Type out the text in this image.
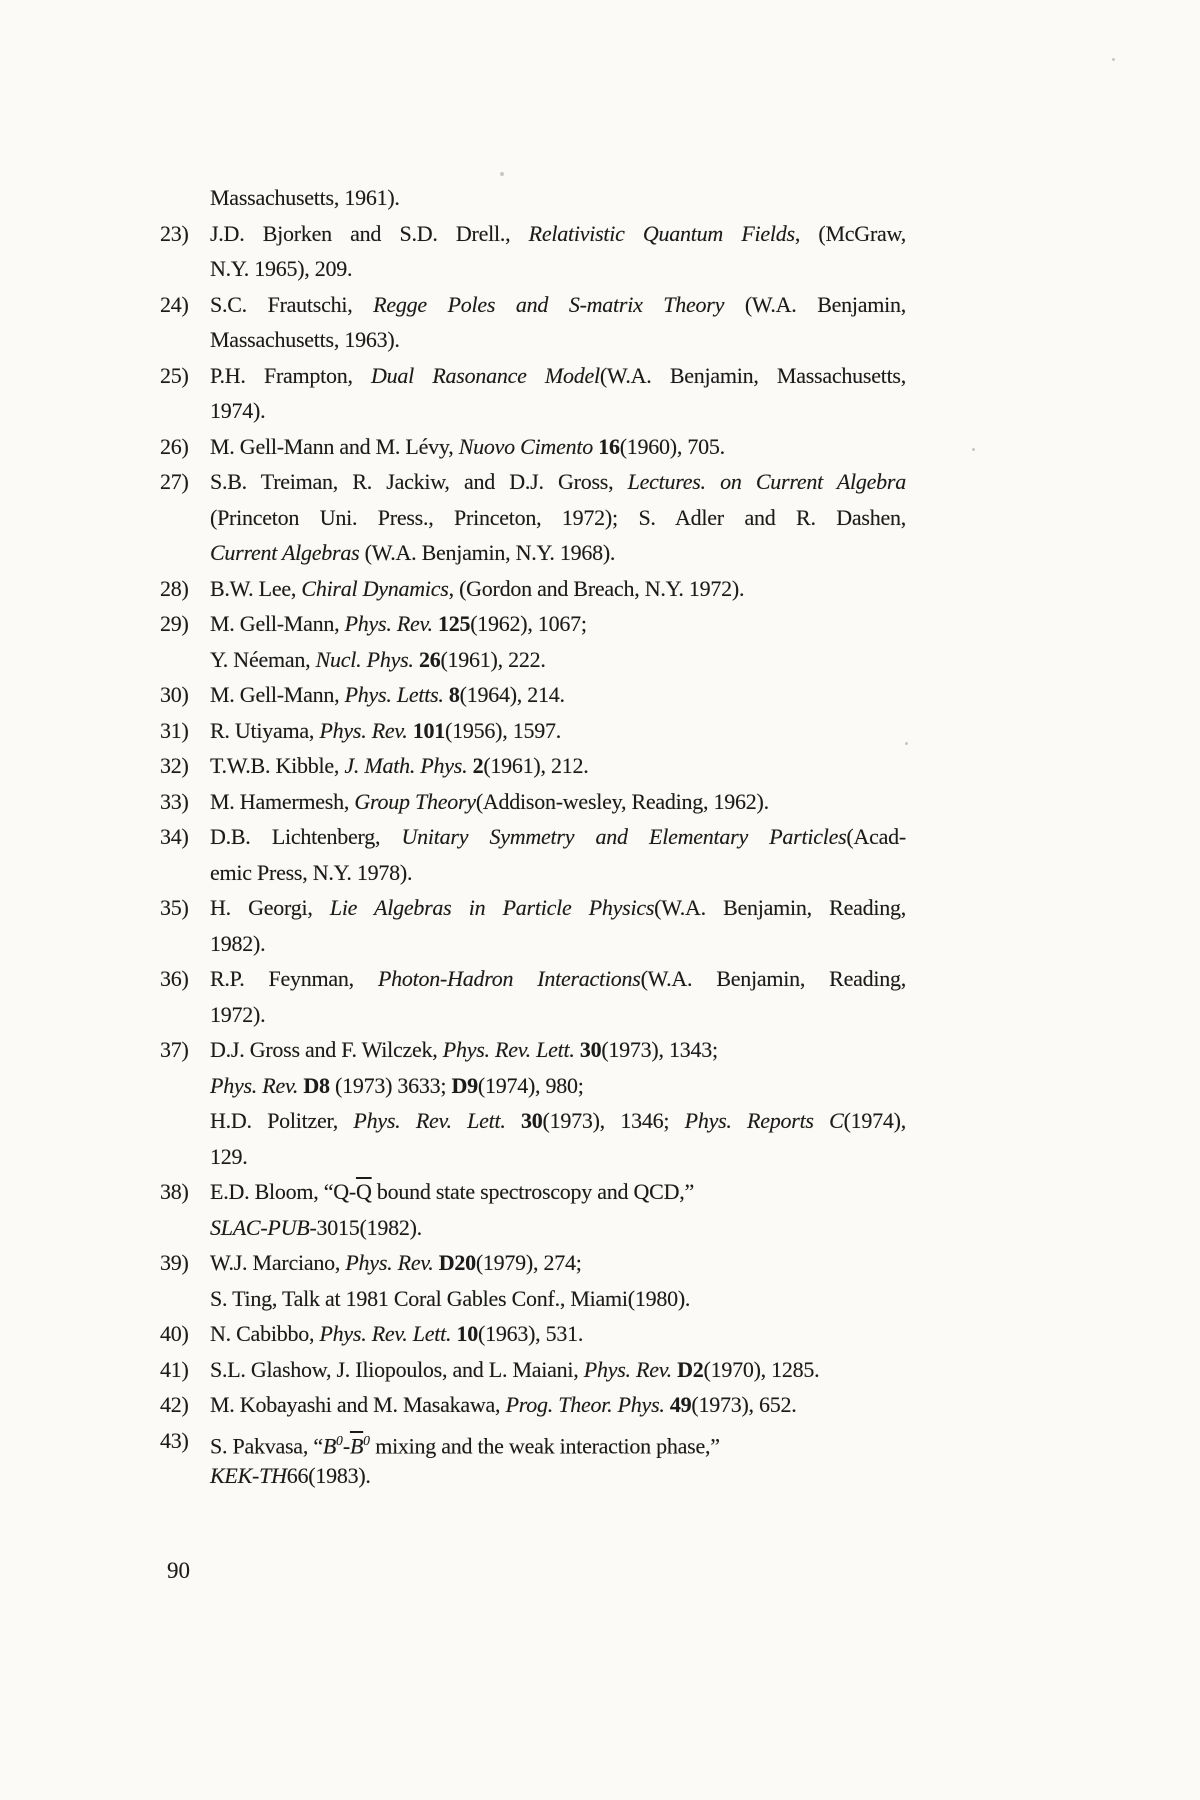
Massachusetts, 1961).
23) J.D. Bjorken and S.D. Drell., Relativistic Quantum Fields, (McGraw,
N.Y. 1965), 209.
24) S.C. Frautschi, Regge Poles and S-matrix Theory (W.A. Benjamin,
Massachusetts, 1963).
25) P.H. Frampton, Dual Rasonance Model(W.A. Benjamin, Massachusetts,
1974).
26) M. Gell-Mann and M. Lévy, Nuovo Cimento 16(1960), 705.
27) S.B. Treiman, R. Jackiw, and D.J. Gross, Lectures. on Current Algebra
(Princeton Uni. Press., Princeton, 1972); S. Adler and R. Dashen,
Current Algebras (W.A. Benjamin, N.Y. 1968).
28) B.W. Lee, Chiral Dynamics, (Gordon and Breach, N.Y. 1972).
29) M. Gell-Mann, Phys. Rev. 125(1962), 1067;
Y. Néeman, Nucl. Phys. 26(1961), 222.
30) M. Gell-Mann, Phys. Letts. 8(1964), 214.
31) R. Utiyama, Phys. Rev. 101(1956), 1597.
32) T.W.B. Kibble, J. Math. Phys. 2(1961), 212.
33) M. Hamermesh, Group Theory(Addison-wesley, Reading, 1962).
34) D.B. Lichtenberg, Unitary Symmetry and Elementary Particles(Acad-
emic Press, N.Y. 1978).
35) H. Georgi, Lie Algebras in Particle Physics(W.A. Benjamin, Reading,
1982).
36) R.P. Feynman, Photon-Hadron Interactions(W.A. Benjamin, Reading,
1972).
37) D.J. Gross and F. Wilczek, Phys. Rev. Lett. 30(1973), 1343;
Phys. Rev. D8 (1973) 3633; D9(1974), 980;
H.D. Politzer, Phys. Rev. Lett. 30(1973), 1346; Phys. Reports C(1974),
129.
38) E.D. Bloom, “$Q-\overline{Q}$ bound state spectroscopy and QCD,”
SLAC-PUB-3015(1982).
39) W.J. Marciano, Phys. Rev. D20(1979), 274;
S. Ting, Talk at 1981 Coral Gables Conf., Miami(1980).
40) N. Cabibbo, Phys. Rev. Lett. 10(1963), 531.
41) S.L. Glashow, J. Iliopoulos, and L. Maiani, Phys. Rev. D2(1970), 1285.
42) M. Kobayashi and M. Masakawa, Prog. Theor. Phys. 49(1973), 652.
43) S. Pakvasa, “$B^0-\overline{B}^0$ mixing and the weak interaction phase,”
KEK-TH66(1983).
90
